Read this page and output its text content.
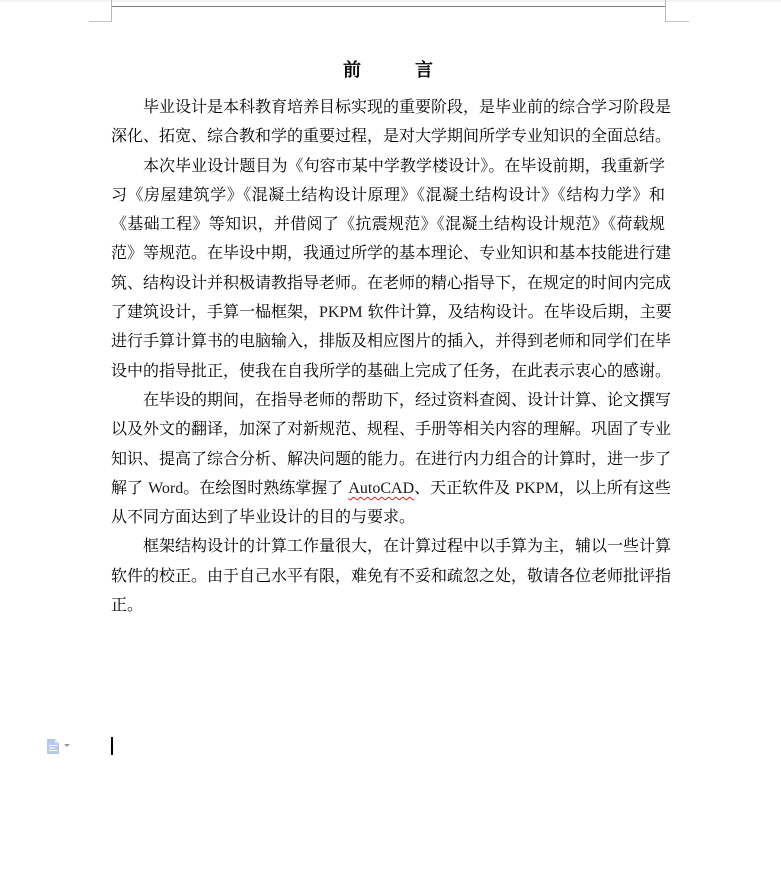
前　　　言
毕业设计是本科教育培养目标实现的重要阶段，是毕业前的综合学习阶段是
深化、拓宽、综合教和学的重要过程，是对大学期间所学专业知识的全面总结。
本次毕业设计题目为《句容市某中学教学楼设计》。在毕设前期，我重新学
习《房屋建筑学》《混凝土结构设计原理》《混凝土结构设计》《结构力学》和
《基础工程》等知识，并借阅了《抗震规范》《混凝土结构设计规范》《荷载规
范》等规范。在毕设中期，我通过所学的基本理论、专业知识和基本技能进行建
筑、结构设计并积极请教指导老师。在老师的精心指导下，在规定的时间内完成
了建筑设计，手算一榀框架，PKPM 软件计算，及结构设计。在毕设后期，主要
进行手算计算书的电脑输入，排版及相应图片的插入，并得到老师和同学们在毕
设中的指导批正，使我在自我所学的基础上完成了任务，在此表示衷心的感谢。
在毕设的期间，在指导老师的帮助下，经过资料查阅、设计计算、论文撰写
以及外文的翻译，加深了对新规范、规程、手册等相关内容的理解。巩固了专业
知识、提高了综合分析、解决问题的能力。在进行内力组合的计算时，进一步了
解了 Word。在绘图时熟练掌握了 AutoCAD、天正软件及 PKPM，以上所有这些
从不同方面达到了毕业设计的目的与要求。
框架结构设计的计算工作量很大，在计算过程中以手算为主，辅以一些计算
软件的校正。由于自己水平有限，难免有不妥和疏忽之处，敬请各位老师批评指
正。
